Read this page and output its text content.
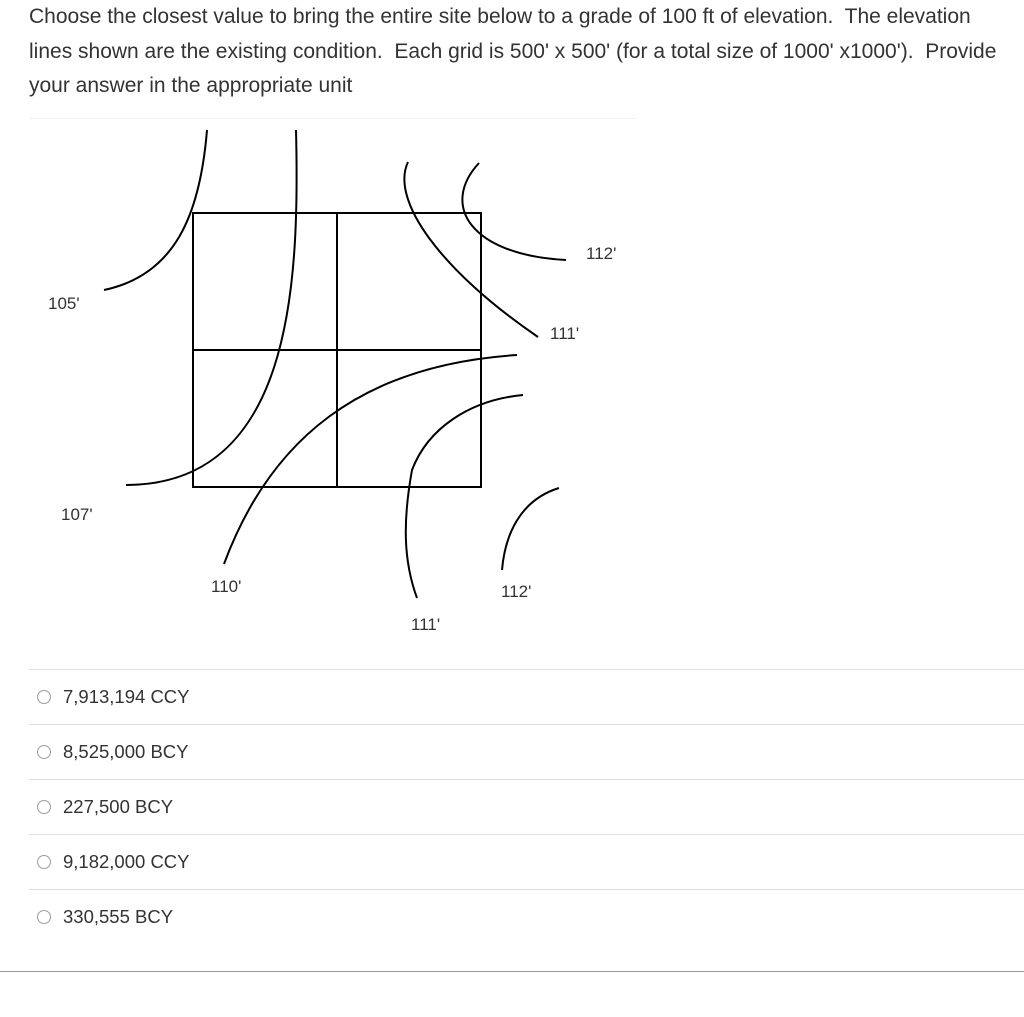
Choose the closest value to bring the entire site below to a grade of 100 ft of elevation.  The elevation lines shown are the existing condition.  Each grid is 500' x 500' (for a total size of 1000' x1000').  Provide your answer in the appropriate unit

105'
107'
110'
111'
112'
111'
112'
7,913,194 CCY
8,525,000 BCY
227,500 BCY
9,182,000 CCY
330,555 BCY
